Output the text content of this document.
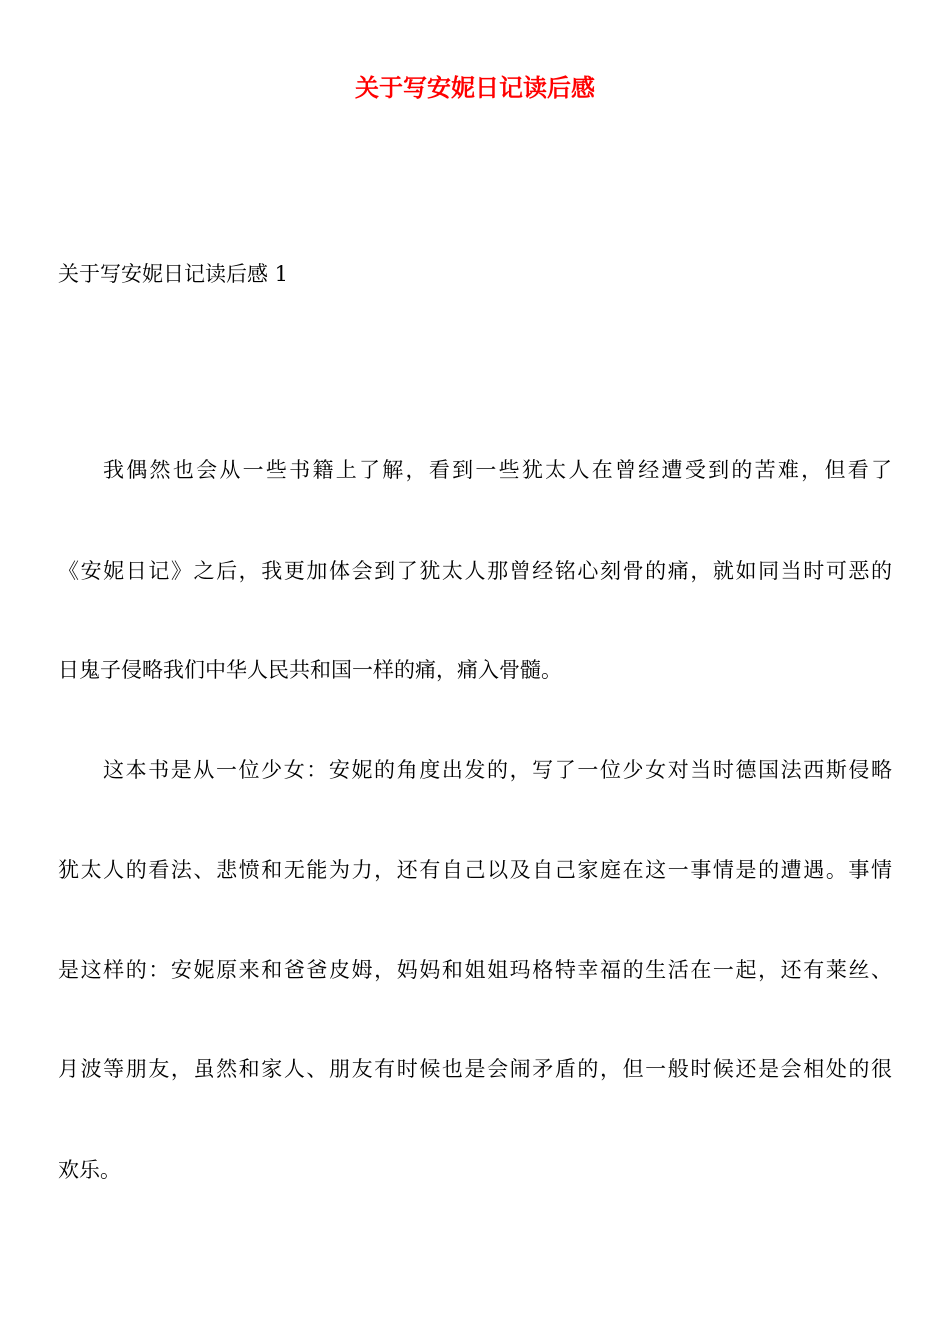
关于写安妮日记读后感

关于写安妮日记读后感 1

我偶然也会从一些书籍上了解，看到一些犹太人在曾经遭受到的苦难，但看了

《安妮日记》之后，我更加体会到了犹太人那曾经铭心刻骨的痛，就如同当时可恶的

日鬼子侵略我们中华人民共和国一样的痛，痛入骨髓。

这本书是从一位少女：安妮的角度出发的，写了一位少女对当时德国法西斯侵略

犹太人的看法、悲愤和无能为力，还有自己以及自己家庭在这一事情是的遭遇。事情

是这样的：安妮原来和爸爸皮姆，妈妈和姐姐玛格特幸福的生活在一起，还有莱丝、

月波等朋友，虽然和家人、朋友有时候也是会闹矛盾的，但一般时候还是会相处的很

欢乐。
